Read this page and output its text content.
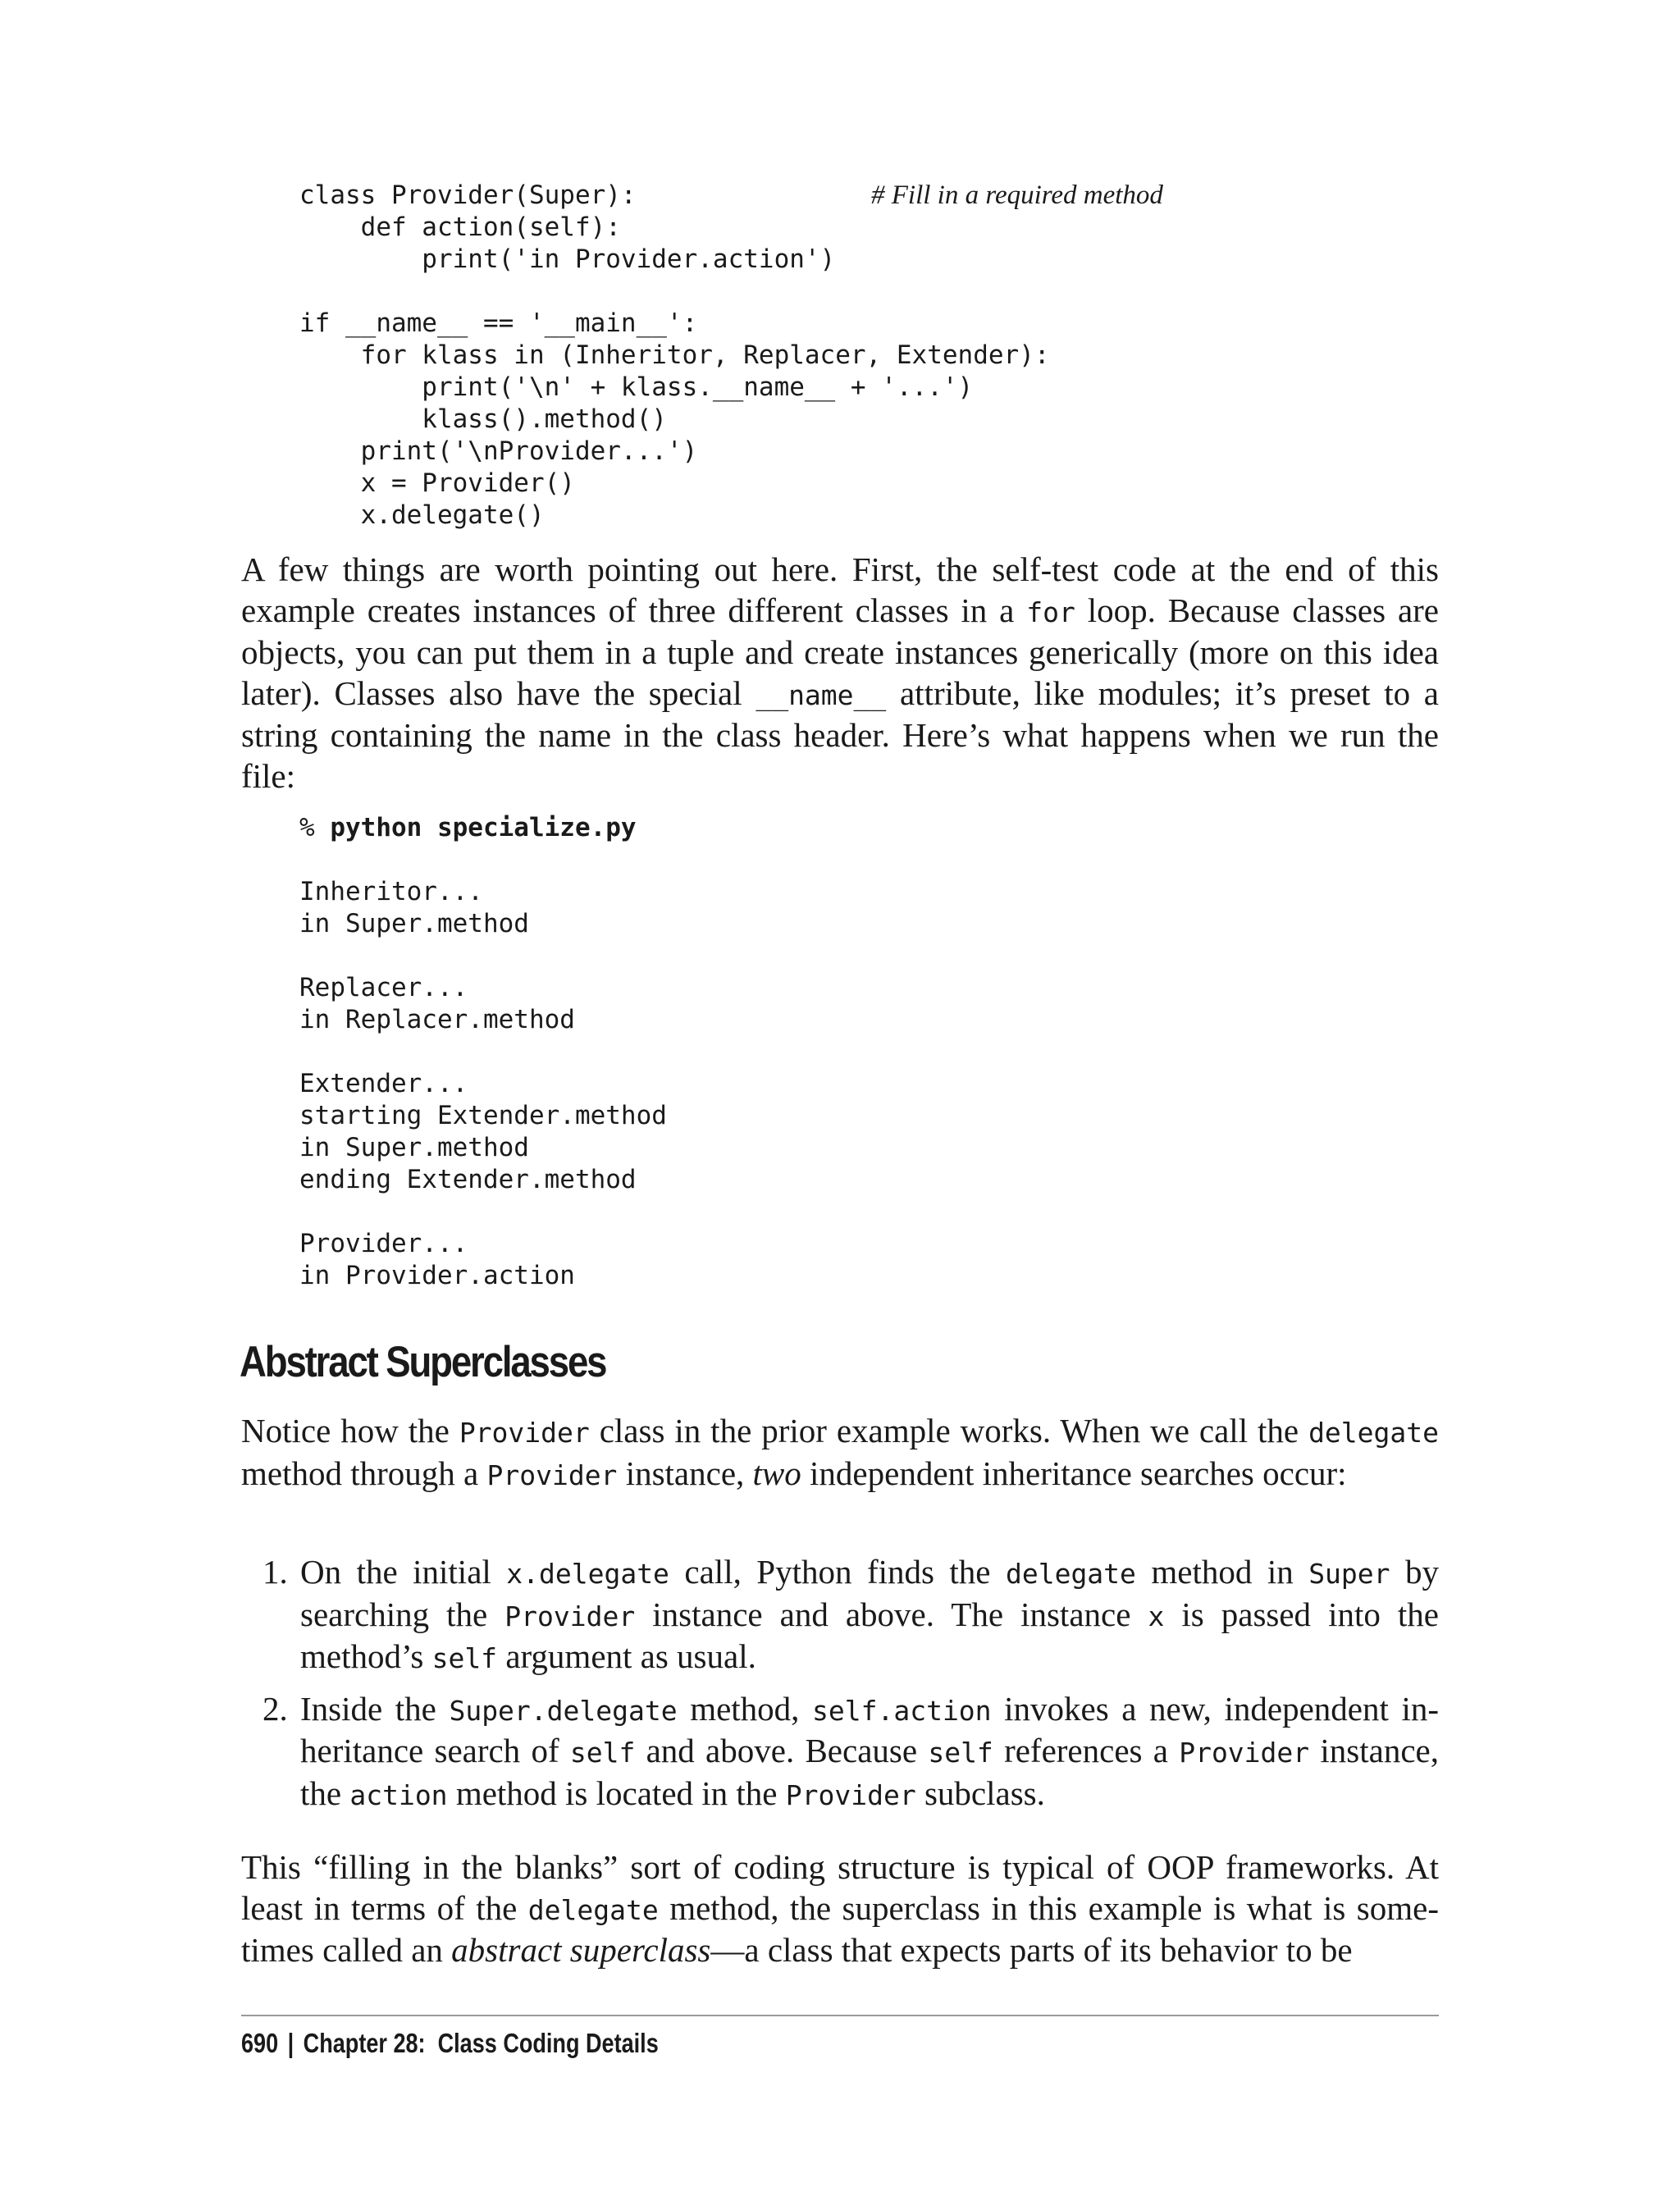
class Provider(Super):
def action(self):
print('in Provider.action')

if __name__ == '__main__':
for klass in (Inheritor, Replacer, Extender):
print('\n' + klass.__name__ + '...')
klass().method()
print('\nProvider...')
x = Provider()
x.delegate()
# Fill in a required method

A few things are worth pointing out here. First, the self-test code at the end of this example creates instances of three different classes in a for loop. Because classes are objects, you can put them in a tuple and create instances generically (more on this idea later). Classes also have the special __name__ attribute, like modules; it’s preset to a string containing the name in the class header. Here’s what happens when we run the file:

% python specialize.py

Inheritor...
in Super.method

Replacer...
in Replacer.method

Extender...
starting Extender.method
in Super.method
ending Extender.method

Provider...
in Provider.action
Abstract Superclasses

Notice how the Provider class in the prior example works. When we call the delegate method through a Provider instance, two independent inheritance searches occur:

1. On the initial x.delegate call, Python finds the delegate method in Super by searching the Provider instance and above. The instance x is passed into the method’s self argument as usual.
2. Inside the Super.delegate method, self.action invokes a new, independent inheritance search of self and above. Because self references a Provider instance, the action method is located in the Provider subclass.

This “filling in the blanks” sort of coding structure is typical of OOP frameworks. At least in terms of the delegate method, the superclass in this example is what is sometimes called an abstract superclass—a class that expects parts of its behavior to be

690 | Chapter 28:  Class Coding Details
